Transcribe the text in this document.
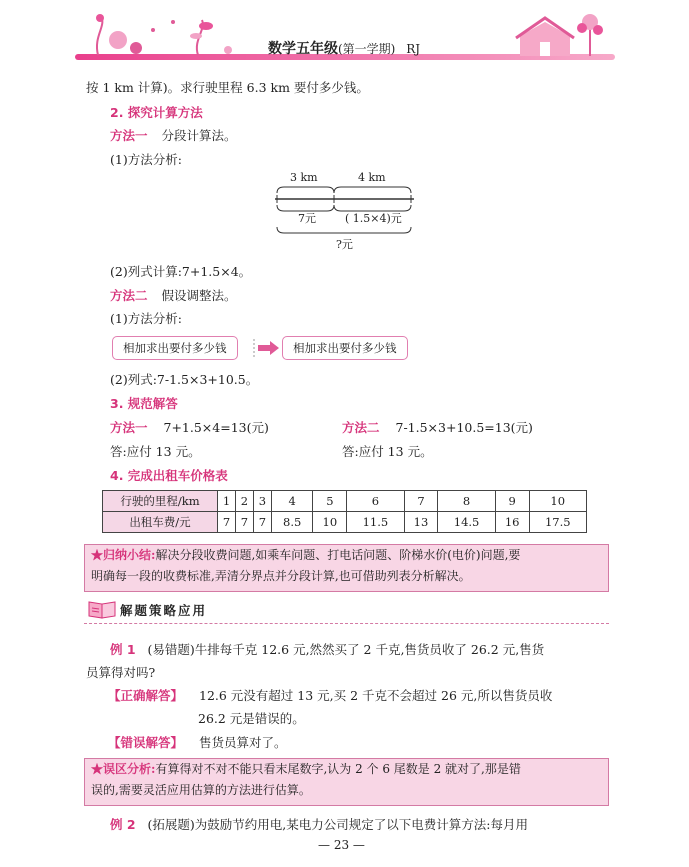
数学五年级(第一学期) RJ
按 1 km 计算)。求行驶里程 6.3 km 要付多少钱。
2. 探究计算方法
方法一 分段计算法。
(1)方法分析:
3 km	4 km
7元	( 1.5×4)元
?元
(2)列式计算:7+1.5×4。
方法二 假设调整法。
(1)方法分析:
相加求出要付多少钱	相加求出要付多少钱
(2)列式:7-1.5×3+10.5。
3. 规范解答
方法一 7+1.5×4=13(元)	方法二 7-1.5×3+10.5=13(元)
答:应付 13 元。	答:应付 13 元。
4. 完成出租车价格表
行驶的里程/km	1	2	3	4	5	6	7	8	9	10
出租车费/元	7	7	7	8.5	10	11.5	13	14.5	16	17.5
★归纳小结:解决分段收费问题,如乘车问题、打电话问题、阶梯水价(电价)问题,要
明确每一段的收费标准,弄清分界点并分段计算,也可借助列表分析解决。
解题策略应用
例 1 (易错题)牛排每千克 12.6 元,然然买了 2 千克,售货员收了 26.2 元,售货
员算得对吗?
【正确解答】 12.6 元没有超过 13 元,买 2 千克不会超过 26 元,所以售货员收
26.2 元是错误的。
【错误解答】 售货员算对了。
★误区分析:有算得对不对不能只看末尾数字,认为 2 个 6 尾数是 2 就对了,那是错
误的,需要灵活应用估算的方法进行估算。
例 2 (拓展题)为鼓励节约用电,某电力公司规定了以下电费计算方法:每月用
— 23 —
